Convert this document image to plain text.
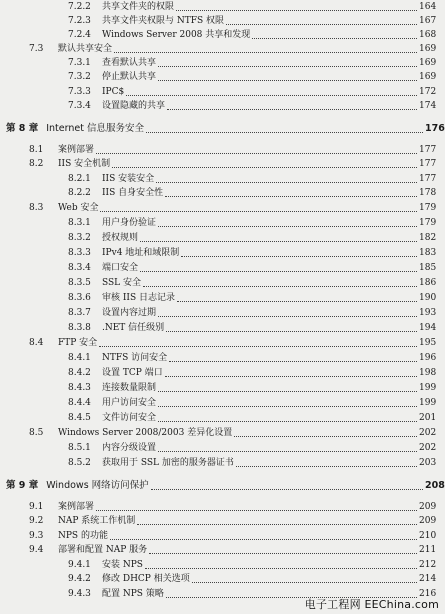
7.2.2	共享文件夹的权限	164
7.2.3	共享文件夹权限与 NTFS 权限	167
7.2.4	Windows Server 2008 共享和发现	168
7.3	默认共享安全	169
7.3.1	查看默认共享	169
7.3.2	停止默认共享	169
7.3.3	IPC$	172
7.3.4	设置隐藏的共享	174
第 8 章 Internet 信息服务安全	176
8.1	案例部署	177
8.2	IIS 安全机制	177
8.2.1	IIS 安装安全	177
8.2.2	IIS 自身安全性	178
8.3	Web 安全	179
8.3.1	用户身份验证	179
8.3.2	授权规则	182
8.3.3	IPv4 地址和域限制	183
8.3.4	端口安全	185
8.3.5	SSL 安全	186
8.3.6	审核 IIS 日志记录	190
8.3.7	设置内容过期	193
8.3.8	.NET 信任级别	194
8.4	FTP 安全	195
8.4.1	NTFS 访问安全	196
8.4.2	设置 TCP 端口	198
8.4.3	连接数量限制	199
8.4.4	用户访问安全	199
8.4.5	文件访问安全	201
8.5	Windows Server 2008/2003 差异化设置	202
8.5.1	内容分级设置	202
8.5.2	获取用于 SSL 加密的服务器证书	203
第 9 章 Windows 网络访问保护	208
9.1	案例部署	209
9.2	NAP 系统工作机制	209
9.3	NPS 的功能	210
9.4	部署和配置 NAP 服务	211
9.4.1	安装 NPS	212
9.4.2	修改 DHCP 相关选项	214
9.4.3	配置 NPS 策略	216
电子工程网 EEChina.com
